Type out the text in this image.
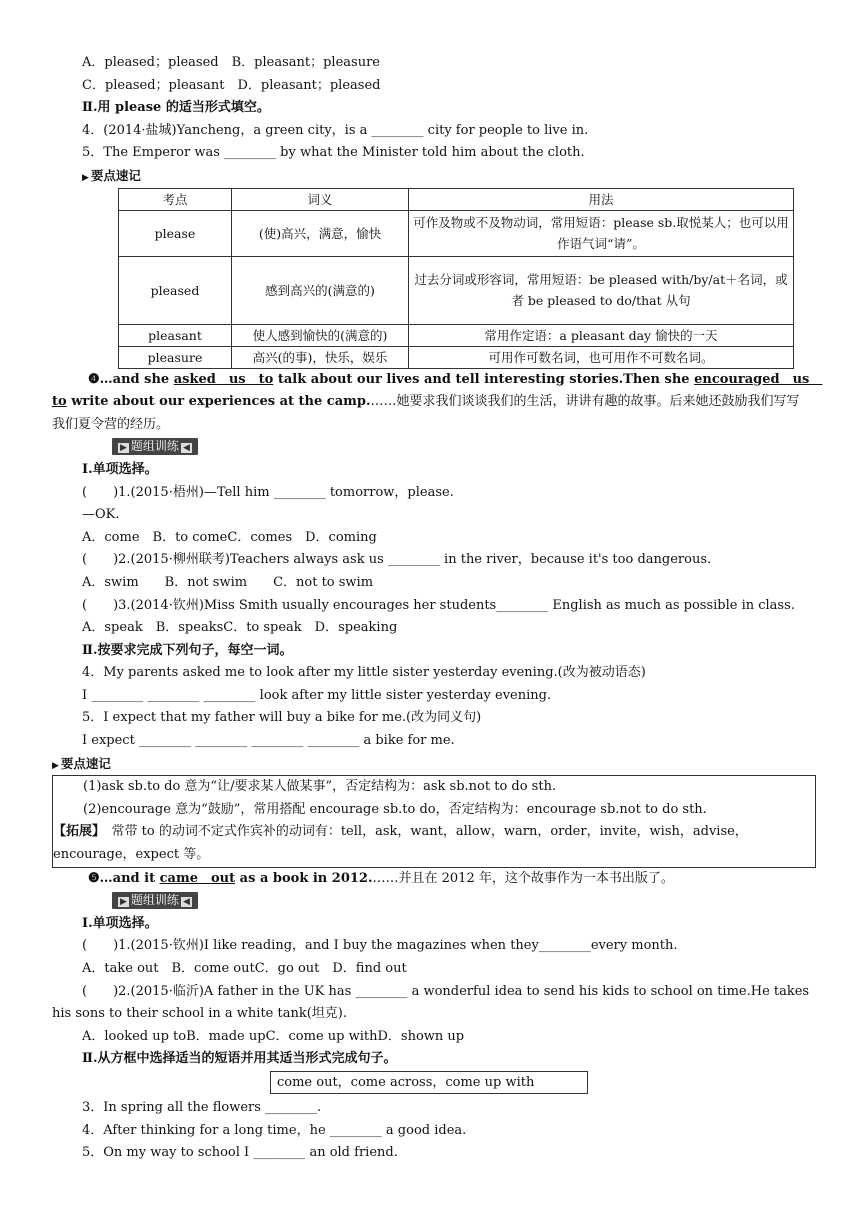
A．pleased；pleased　B．pleasant；pleasure
C．pleased；pleasant　D．pleasant；pleased
Ⅱ.用 please 的适当形式填空。
4．(2014·盐城)Yancheng，a green city，is a ________ city for people to live in.
5．The Emperor was ________ by what the Minister told him about the cloth.
▶ 要点速记
考点	词义	用法
please	(使)高兴，满意，愉快	可作及物或不及物动词，常用短语：please sb.取悦某人；也可以用作语气词“请”。
pleased	感到高兴的(满意的)	过去分词或形容词，常用短语：be pleased with/by/at＋名词，或者 be pleased to do/that 从句
pleasant	使人感到愉快的(满意的)	常用作定语：a pleasant day 愉快的一天
pleasure	高兴(的事)，快乐，娱乐	可用作可数名词，也可用作不可数名词。
❹…and she asked　 us　 to talk about our lives and tell interesting stories.Then she encouraged　 us　to write about our experiences at the camp.……她要求我们谈谈我们的生活，讲讲有趣的故事。后来她还鼓励我们写写我们夏令营的经历。
▶ 题组训练 ◀
Ⅰ.单项选择。
(　　)1.(2015·梧州)—Tell him ________ tomorrow，please.
—OK.
A．come　B．to comeC．comes　D．coming
(　　)2.(2015·柳州联考)Teachers always ask us ________ in the river，because it's too dangerous.
A．swim　　B．not swim　　C．not to swim
(　　)3.(2014·钦州)Miss Smith usually encourages her students________ English as much as possible in class.
A．speak　B．speaksC．to speak　D．speaking
Ⅱ.按要求完成下列句子，每空一词。
4．My parents asked me to look after my little sister yesterday evening.(改为被动语态)
I ________ ________ ________ look after my little sister yesterday evening.
5．I expect that my father will buy a bike for me.(改为同义句)
I expect ________ ________ ________ ________ a bike for me.
▶ 要点速记
(1)ask sb.to do 意为“让/要求某人做某事”，否定结构为：ask sb.not to do sth.
(2)encourage 意为“鼓励”，常用搭配 encourage sb.to do，否定结构为：encourage sb.not to do sth.
【拓展】　常带 to 的动词不定式作宾补的动词有：tell，ask，want，allow，warn，order，invite，wish，advise，encourage，expect 等。
❺…and it came　 out as a book in 2012.……并且在 2012 年，这个故事作为一本书出版了。
▶ 题组训练 ◀
Ⅰ.单项选择。
(　　)1.(2015·钦州)I like reading，and I buy the magazines when they________every month.
A．take out　B．come outC．go out　D．find out
(　　)2.(2015·临沂)A father in the UK has ________ a wonderful idea to send his kids to school on time.He takes his sons to their school in a white tank(坦克).
A．looked up toB．made upC．come up withD．shown up
Ⅱ.从方框中选择适当的短语并用其适当形式完成句子。
come out，come across，come up with
3．In spring all the flowers ________.
4．After thinking for a long time，he ________ a good idea.
5．On my way to school I ________ an old friend.
